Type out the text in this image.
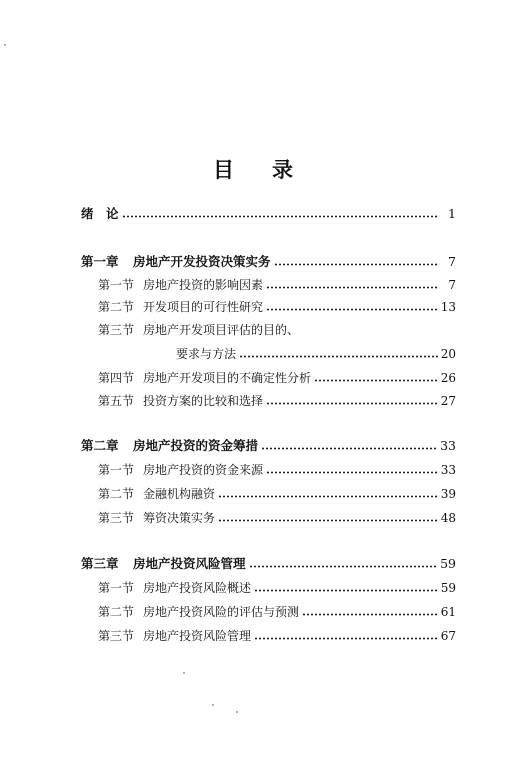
目 录
绪　论	1
第一章	房地产开发投资决策实务	7
第一节 房地产投资的影响因素	7
第二节 开发项目的可行性研究	13
第三节 房地产开发项目评估的目的、
要求与方法	20
第四节 房地产开发项目的不确定性分析	26
第五节 投资方案的比较和选择	27
第二章	房地产投资的资金筹措	33
第一节 房地产投资的资金来源	33
第二节 金融机构融资	39
第三节 筹资决策实务	48
第三章	房地产投资风险管理	59
第一节 房地产投资风险概述	59
第二节 房地产投资风险的评估与预测	61
第三节 房地产投资风险管理	67
